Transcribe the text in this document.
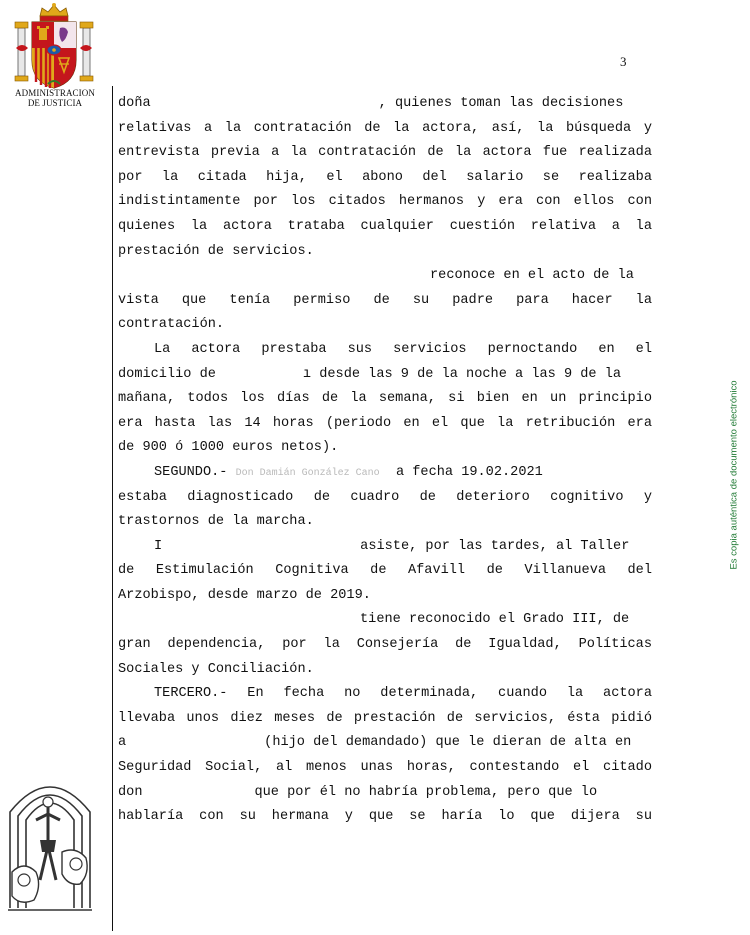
ADMINISTRACION
DE JUSTICIA
3
Es copia auténtica de documento electrónico
doña	, quienes toman las decisiones
relativas a la contratación de la actora, así, la búsqueda y
entrevista previa a la contratación de la actora fue realizada
por la citada hija, el abono del salario se realizaba
indistintamente por los citados hermanos y era con ellos con
quienes la actora trataba cualquier cuestión relativa a la
prestación de servicios.
reconoce en el acto de la
vista que tenía permiso de su padre para hacer la
contratación.
La actora prestaba sus servicios pernoctando en el
domicilio de	ı desde las 9 de la noche a las 9 de la
mañana, todos los días de la semana, si bien en un principio
era hasta las 14 horas (periodo en el que la retribución era
de 900 ó 1000 euros netos).
SEGUNDO.- Don Damián González Cano a fecha 19.02.2021
estaba diagnosticado de cuadro de deterioro cognitivo y
trastornos de la marcha.
I	asiste, por las tardes, al Taller
de Estimulación Cognitiva de Afavill de Villanueva del
Arzobispo, desde marzo de 2019.
tiene reconocido el Grado III, de
gran dependencia, por la Consejería de Igualdad, Políticas
Sociales y Conciliación.
TERCERO.- En fecha no determinada, cuando la actora
llevaba unos diez meses de prestación de servicios, ésta pidió
a	(hijo del demandado) que le dieran de alta en
Seguridad Social, al menos unas horas, contestando el citado
don	que por él no habría problema, pero que lo
hablaría con su hermana y que se haría lo que dijera su
